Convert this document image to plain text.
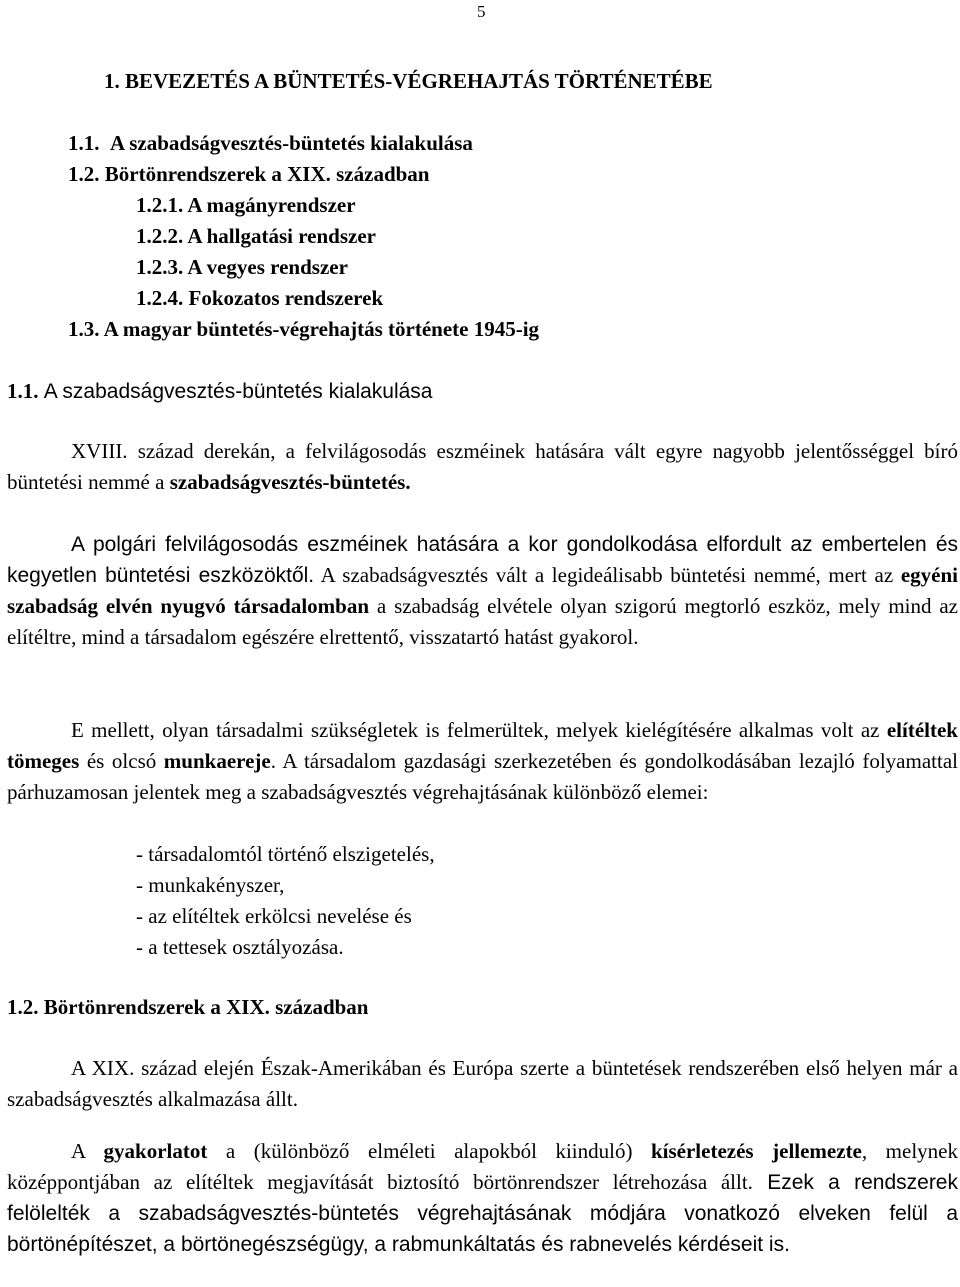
5
1. BEVEZETÉS A BÜNTETÉS-VÉGREHAJTÁS TÖRTÉNETÉBE
1.1. A szabadságvesztés-büntetés kialakulása
1.2. Börtönrendszerek a XIX. században
1.2.1. A magányrendszer
1.2.2. A hallgatási rendszer
1.2.3. A vegyes rendszer
1.2.4. Fokozatos rendszerek
1.3. A magyar büntetés-végrehajtás története 1945-ig
1.1. A szabadságvesztés-büntetés kialakulása

XVIII. század derekán, a felvilágosodás eszméinek hatására vált egyre nagyobb jelentősséggel bíró büntetési nemmé a szabadságvesztés-büntetés.

A polgári felvilágosodás eszméinek hatására a kor gondolkodása elfordult az embertelen és kegyetlen büntetési eszközöktől. A szabadságvesztés vált a legideálisabb büntetési nemmé, mert az egyéni szabadság elvén nyugvó társadalomban a szabadság elvétele olyan szigorú megtorló eszköz, mely mind az elítéltre, mind a társadalom egészére elrettentő, visszatartó hatást gyakorol.

E mellett, olyan társadalmi szükségletek is felmerültek, melyek kielégítésére alkalmas volt az elítéltek tömeges és olcsó munkaereje. A társadalom gazdasági szerkezetében és gondolkodásában lezajló folyamattal párhuzamosan jelentek meg a szabadságvesztés végrehajtásának különböző elemei:

- társadalomtól történő elszigetelés,
- munkakényszer,
- az elítéltek erkölcsi nevelése és
- a tettesek osztályozása.
1.2. Börtönrendszerek a XIX. században

A XIX. század elején Észak-Amerikában és Európa szerte a büntetések rendszerében első helyen már a szabadságvesztés alkalmazása állt.

A gyakorlatot a (különböző elméleti alapokból kiinduló) kísérletezés jellemezte, melynek középpontjában az elítéltek megjavítását biztosító börtönrendszer létrehozása állt. Ezek a rendszerek felölelték a szabadságvesztés-büntetés végrehajtásának módjára vonatkozó elveken felül a börtönépítészet, a börtönegészségügy, a rabmunkáltatás és rabnevelés kérdéseit is.
